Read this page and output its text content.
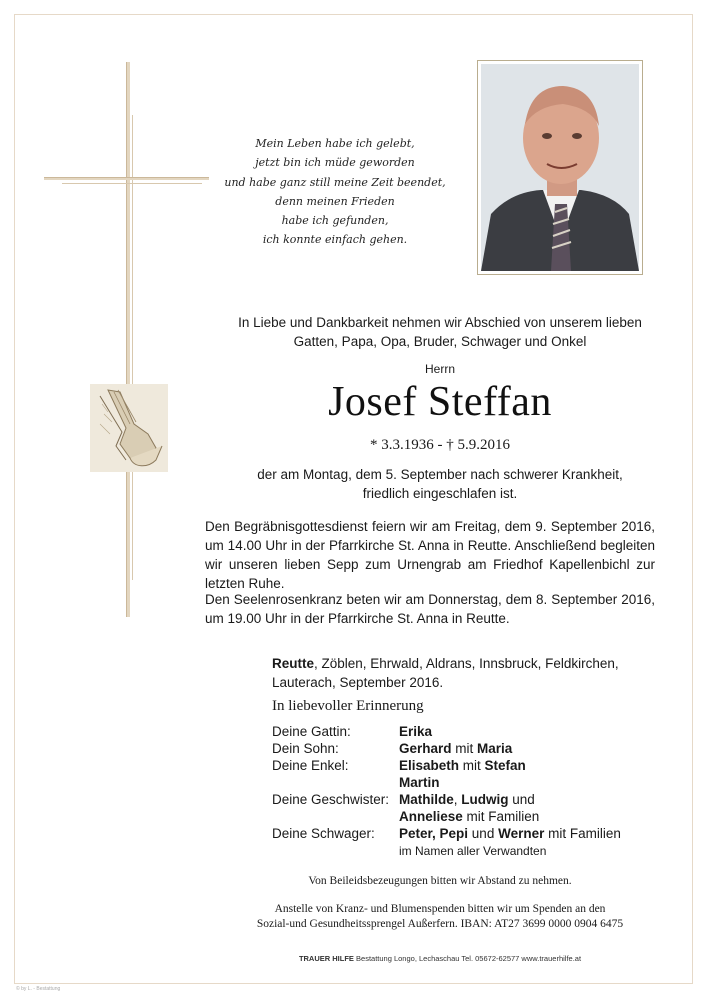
Mein Leben habe ich gelebt,
jetzt bin ich müde geworden
und habe ganz still meine Zeit beendet,
denn meinen Frieden
habe ich gefunden,
ich konnte einfach gehen.
In Liebe und Dankbarkeit nehmen wir Abschied von unserem lieben
Gatten, Papa, Opa, Bruder, Schwager und Onkel
Herrn
Josef Steffan
* 3.3.1936 - † 5.9.2016
der am Montag, dem 5. September nach schwerer Krankheit,
friedlich eingeschlafen ist.
Den Begräbnisgottesdienst feiern wir am Freitag, dem 9. September 2016, um 14.00 Uhr in der Pfarrkirche St. Anna in Reutte. Anschließend begleiten wir unseren lieben Sepp zum Urnengrab am Friedhof Kapellenbichl zur letzten Ruhe.
Den Seelenrosenkranz beten wir am Donnerstag, dem 8. September 2016, um 19.00 Uhr in der Pfarrkirche St. Anna in Reutte.
Reutte, Zöblen, Ehrwald, Aldrans, Innsbruck, Feldkirchen, Lauterach, September 2016.
In liebevoller Erinnerung
Deine Gattin:	Erika
Dein Sohn:	Gerhard mit Maria
Deine Enkel:	Elisabeth mit Stefan
Martin
Deine Geschwister: Mathilde, Ludwig und
Anneliese mit Familien
Deine Schwager: Peter, Pepi und Werner mit Familien
im Namen aller Verwandten
Von Beileidsbezeugungen bitten wir Abstand zu nehmen.
Anstelle von Kranz- und Blumenspenden bitten wir um Spenden an den
Sozial-und Gesundheitssprengel Außerfern. IBAN: AT27 3699 0000 0904 6475
TRAUER HILFE Bestattung Longo, Lechaschau Tel. 05672-62577 www.trauerhilfe.at
© by L. - Bestattung
